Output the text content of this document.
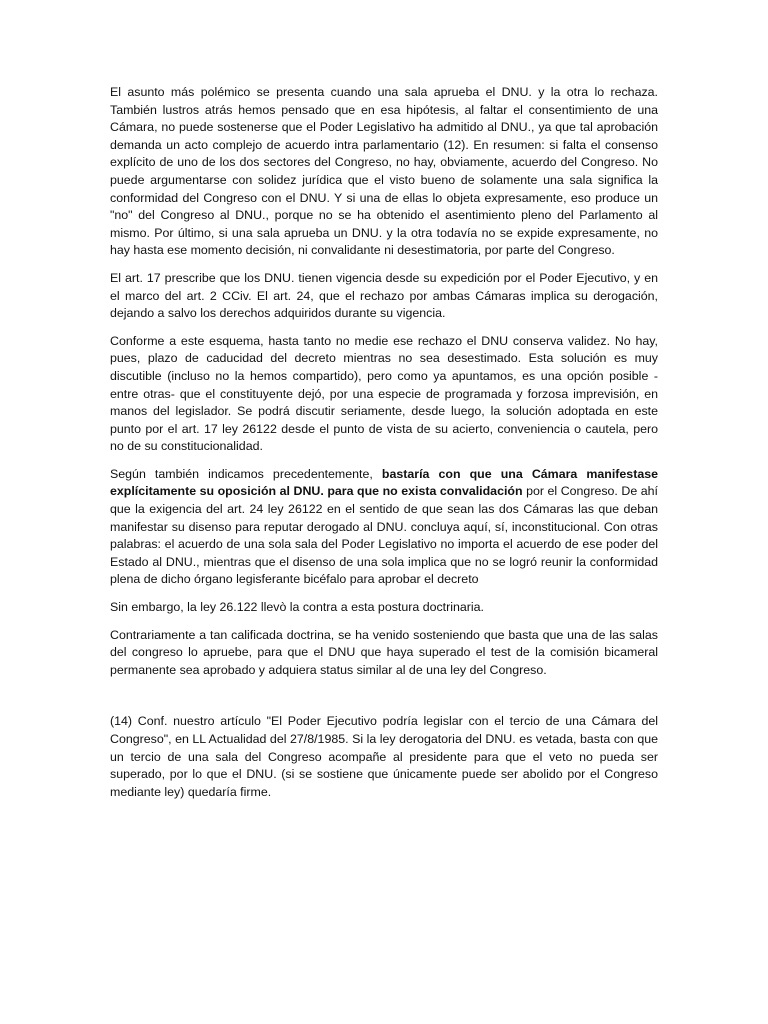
El asunto más polémico se presenta cuando una sala aprueba el DNU. y la otra lo rechaza. También lustros atrás hemos pensado que en esa hipótesis, al faltar el consentimiento de una Cámara, no puede sostenerse que el Poder Legislativo ha admitido al DNU., ya que tal aprobación demanda un acto complejo de acuerdo intra parlamentario (12). En resumen: si falta el consenso explícito de uno de los dos sectores del Congreso, no hay, obviamente, acuerdo del Congreso. No puede argumentarse con solidez jurídica que el visto bueno de solamente una sala significa la conformidad del Congreso con el DNU. Y si una de ellas lo objeta expresamente, eso produce un "no" del Congreso al DNU., porque no se ha obtenido el asentimiento pleno del Parlamento al mismo. Por último, si una sala aprueba un DNU. y la otra todavía no se expide expresamente, no hay hasta ese momento decisión, ni convalidante ni desestimatoria, por parte del Congreso.

El art. 17 prescribe que los DNU. tienen vigencia desde su expedición por el Poder Ejecutivo, y en el marco del art. 2 CCiv. El art. 24, que el rechazo por ambas Cámaras implica su derogación, dejando a salvo los derechos adquiridos durante su vigencia.

Conforme a este esquema, hasta tanto no medie ese rechazo el DNU conserva validez. No hay, pues, plazo de caducidad del decreto mientras no sea desestimado. Esta solución es muy discutible (incluso no la hemos compartido), pero como ya apuntamos, es una opción posible - entre otras- que el constituyente dejó, por una especie de programada y forzosa imprevisión, en manos del legislador. Se podrá discutir seriamente, desde luego, la solución adoptada en este punto por el art. 17 ley 26122 desde el punto de vista de su acierto, conveniencia o cautela, pero no de su constitucionalidad.

Según también indicamos precedentemente, bastaría con que una Cámara manifestase explícitamente su oposición al DNU. para que no exista convalidación por el Congreso. De ahí que la exigencia del art. 24 ley 26122 en el sentido de que sean las dos Cámaras las que deban manifestar su disenso para reputar derogado al DNU. concluya aquí, sí, inconstitucional. Con otras palabras: el acuerdo de una sola sala del Poder Legislativo no importa el acuerdo de ese poder del Estado al DNU., mientras que el disenso de una sola implica que no se logró reunir la conformidad plena de dicho órgano legisferante bicéfalo para aprobar el decreto

Sin embargo, la ley 26.122 llevò la contra a esta postura doctrinaria.

Contrariamente a tan calificada doctrina, se ha venido sosteniendo que basta que una de las salas del congreso lo apruebe, para que el DNU que haya superado el test de la comisión bicameral permanente sea aprobado y adquiera status similar al de una ley del Congreso.

(14) Conf. nuestro artículo "El Poder Ejecutivo podría legislar con el tercio de una Cámara del Congreso", en LL Actualidad del 27/8/1985. Si la ley derogatoria del DNU. es vetada, basta con que un tercio de una sala del Congreso acompañe al presidente para que el veto no pueda ser superado, por lo que el DNU. (si se sostiene que únicamente puede ser abolido por el Congreso mediante ley) quedaría firme.
